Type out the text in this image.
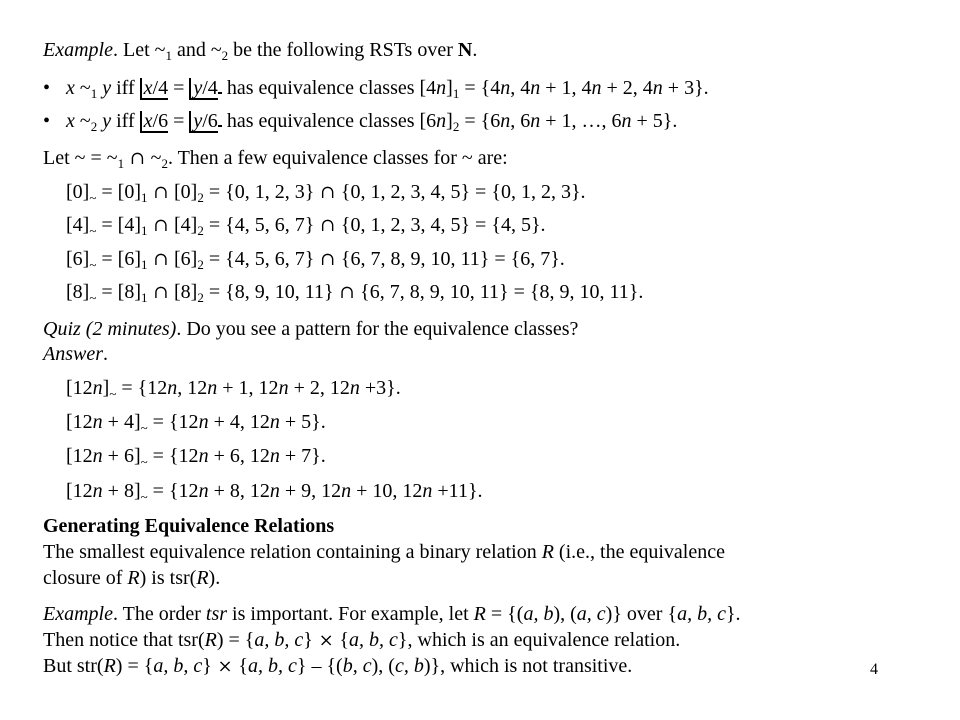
Example. Let $\sim_1$ and $\sim_2$ be the following RSTs over N.
• x $\sim_1$ y iff x/4 = y/4 has equivalence classes $[4n]_1 = \{4n$, 4n + 1, 4n + 2, 4n + 3}.
• x $\sim_2$ y iff x/6 = y/6 has equivalence classes $[6n]_2 = \{6n$, 6n + 1, …, 6n + 5}.
Let ~ = $\sim_1$ ∩ $\sim_2$. Then a few equivalence classes for ~ are:
$[0]_\sim = [0]_1$ ∩ $[0]_2 = \{0$, 1, 2, 3} ∩ {0, 1, 2, 3, 4, 5} = {0, 1, 2, 3}.
$[4]_\sim = [4]_1$ ∩ $[4]_2 = \{4$, 5, 6, 7} ∩ {0, 1, 2, 3, 4, 5} = {4, 5}.
$[6]_\sim = [6]_1$ ∩ $[6]_2 = \{4$, 5, 6, 7} ∩ {6, 7, 8, 9, 10, 11} = {6, 7}.
$[8]_\sim = [8]_1$ ∩ $[8]_2 = \{8$, 9, 10, 11} ∩ {6, 7, 8, 9, 10, 11} = {8, 9, 10, 11}.
Quiz (2 minutes). Do you see a pattern for the equivalence classes?
Answer.
$[12n]_\sim = \{12n$, 12n + 1, 12n + 2, 12n +3}.
$[12n + 4]_\sim = \{12n + 4$, 12n + 5}.
$[12n + 6]_\sim = \{12n + 6$, 12n + 7}.
$[12n + 8]_\sim = \{12n + 8$, 12n + 9, 12n + 10, 12n +11}.
Generating Equivalence Relations
The smallest equivalence relation containing a binary relation R (i.e., the equivalence
closure of R) is tsr(R).
Example. The order tsr is important. For example, let R = {(a, b), (a, c)} over {a, b, c}.
Then notice that tsr(R) = {a, b, c} × {a, b, c}, which is an equivalence relation.
But str(R) = {a, b, c} × {a, b, c} – {(b, c), (c, b)}, which is not transitive.	4
